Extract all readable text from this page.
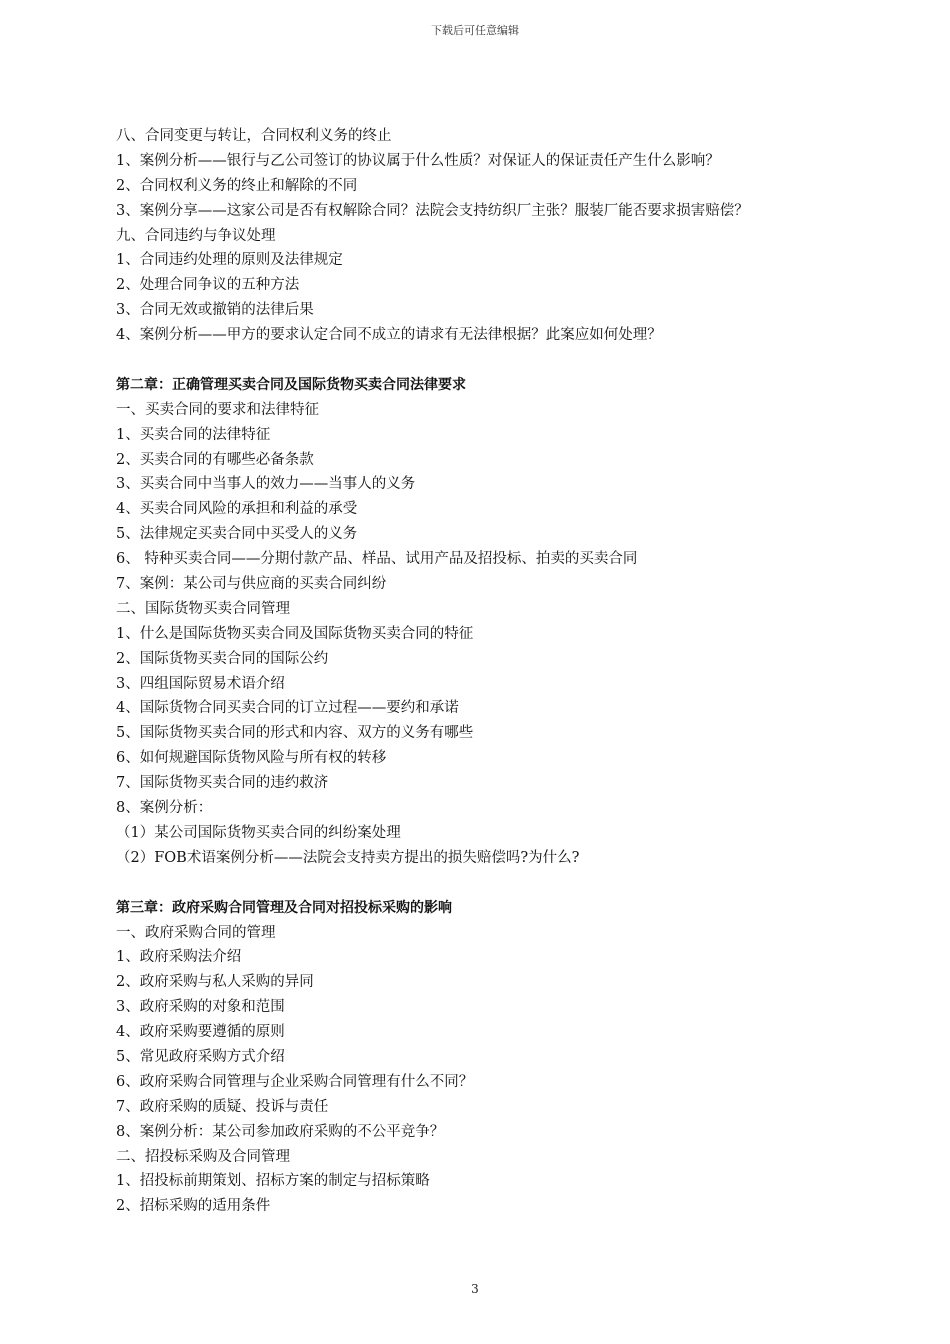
下载后可任意编辑
八、合同变更与转让，合同权利义务的终止
1、案例分析——银行与乙公司签订的协议属于什么性质？对保证人的保证责任产生什么影响？
2、合同权利义务的终止和解除的不同
3、案例分享——这家公司是否有权解除合同？法院会支持纺织厂主张？服装厂能否要求损害赔偿？
九、合同违约与争议处理
1、合同违约处理的原则及法律规定
2、处理合同争议的五种方法
3、合同无效或撤销的法律后果
4、案例分析——甲方的要求认定合同不成立的请求有无法律根据？此案应如何处理？
第二章：正确管理买卖合同及国际货物买卖合同法律要求
一、买卖合同的要求和法律特征
1、买卖合同的法律特征
2、买卖合同的有哪些必备条款
3、买卖合同中当事人的效力——当事人的义务
4、买卖合同风险的承担和利益的承受
5、法律规定买卖合同中买受人的义务
6、 特种买卖合同——分期付款产品、样品、试用产品及招投标、拍卖的买卖合同
7、案例：某公司与供应商的买卖合同纠纷
二、国际货物买卖合同管理
1、什么是国际货物买卖合同及国际货物买卖合同的特征
2、国际货物买卖合同的国际公约
3、四组国际贸易术语介绍
4、国际货物合同买卖合同的订立过程——要约和承诺
5、国际货物买卖合同的形式和内容、双方的义务有哪些
6、如何规避国际货物风险与所有权的转移
7、国际货物买卖合同的违约救济
8、案例分析：
（1）某公司国际货物买卖合同的纠纷案处理
（2）FOB术语案例分析——法院会支持卖方提出的损失赔偿吗?为什么?
第三章：政府采购合同管理及合同对招投标采购的影响
一、政府采购合同的管理
1、政府采购法介绍
2、政府采购与私人采购的异同
3、政府采购的对象和范围
4、政府采购要遵循的原则
5、常见政府采购方式介绍
6、政府采购合同管理与企业采购合同管理有什么不同？
7、政府采购的质疑、投诉与责任
8、案例分析：某公司参加政府采购的不公平竞争？
二、招投标采购及合同管理
1、招投标前期策划、招标方案的制定与招标策略
2、招标采购的适用条件
3
